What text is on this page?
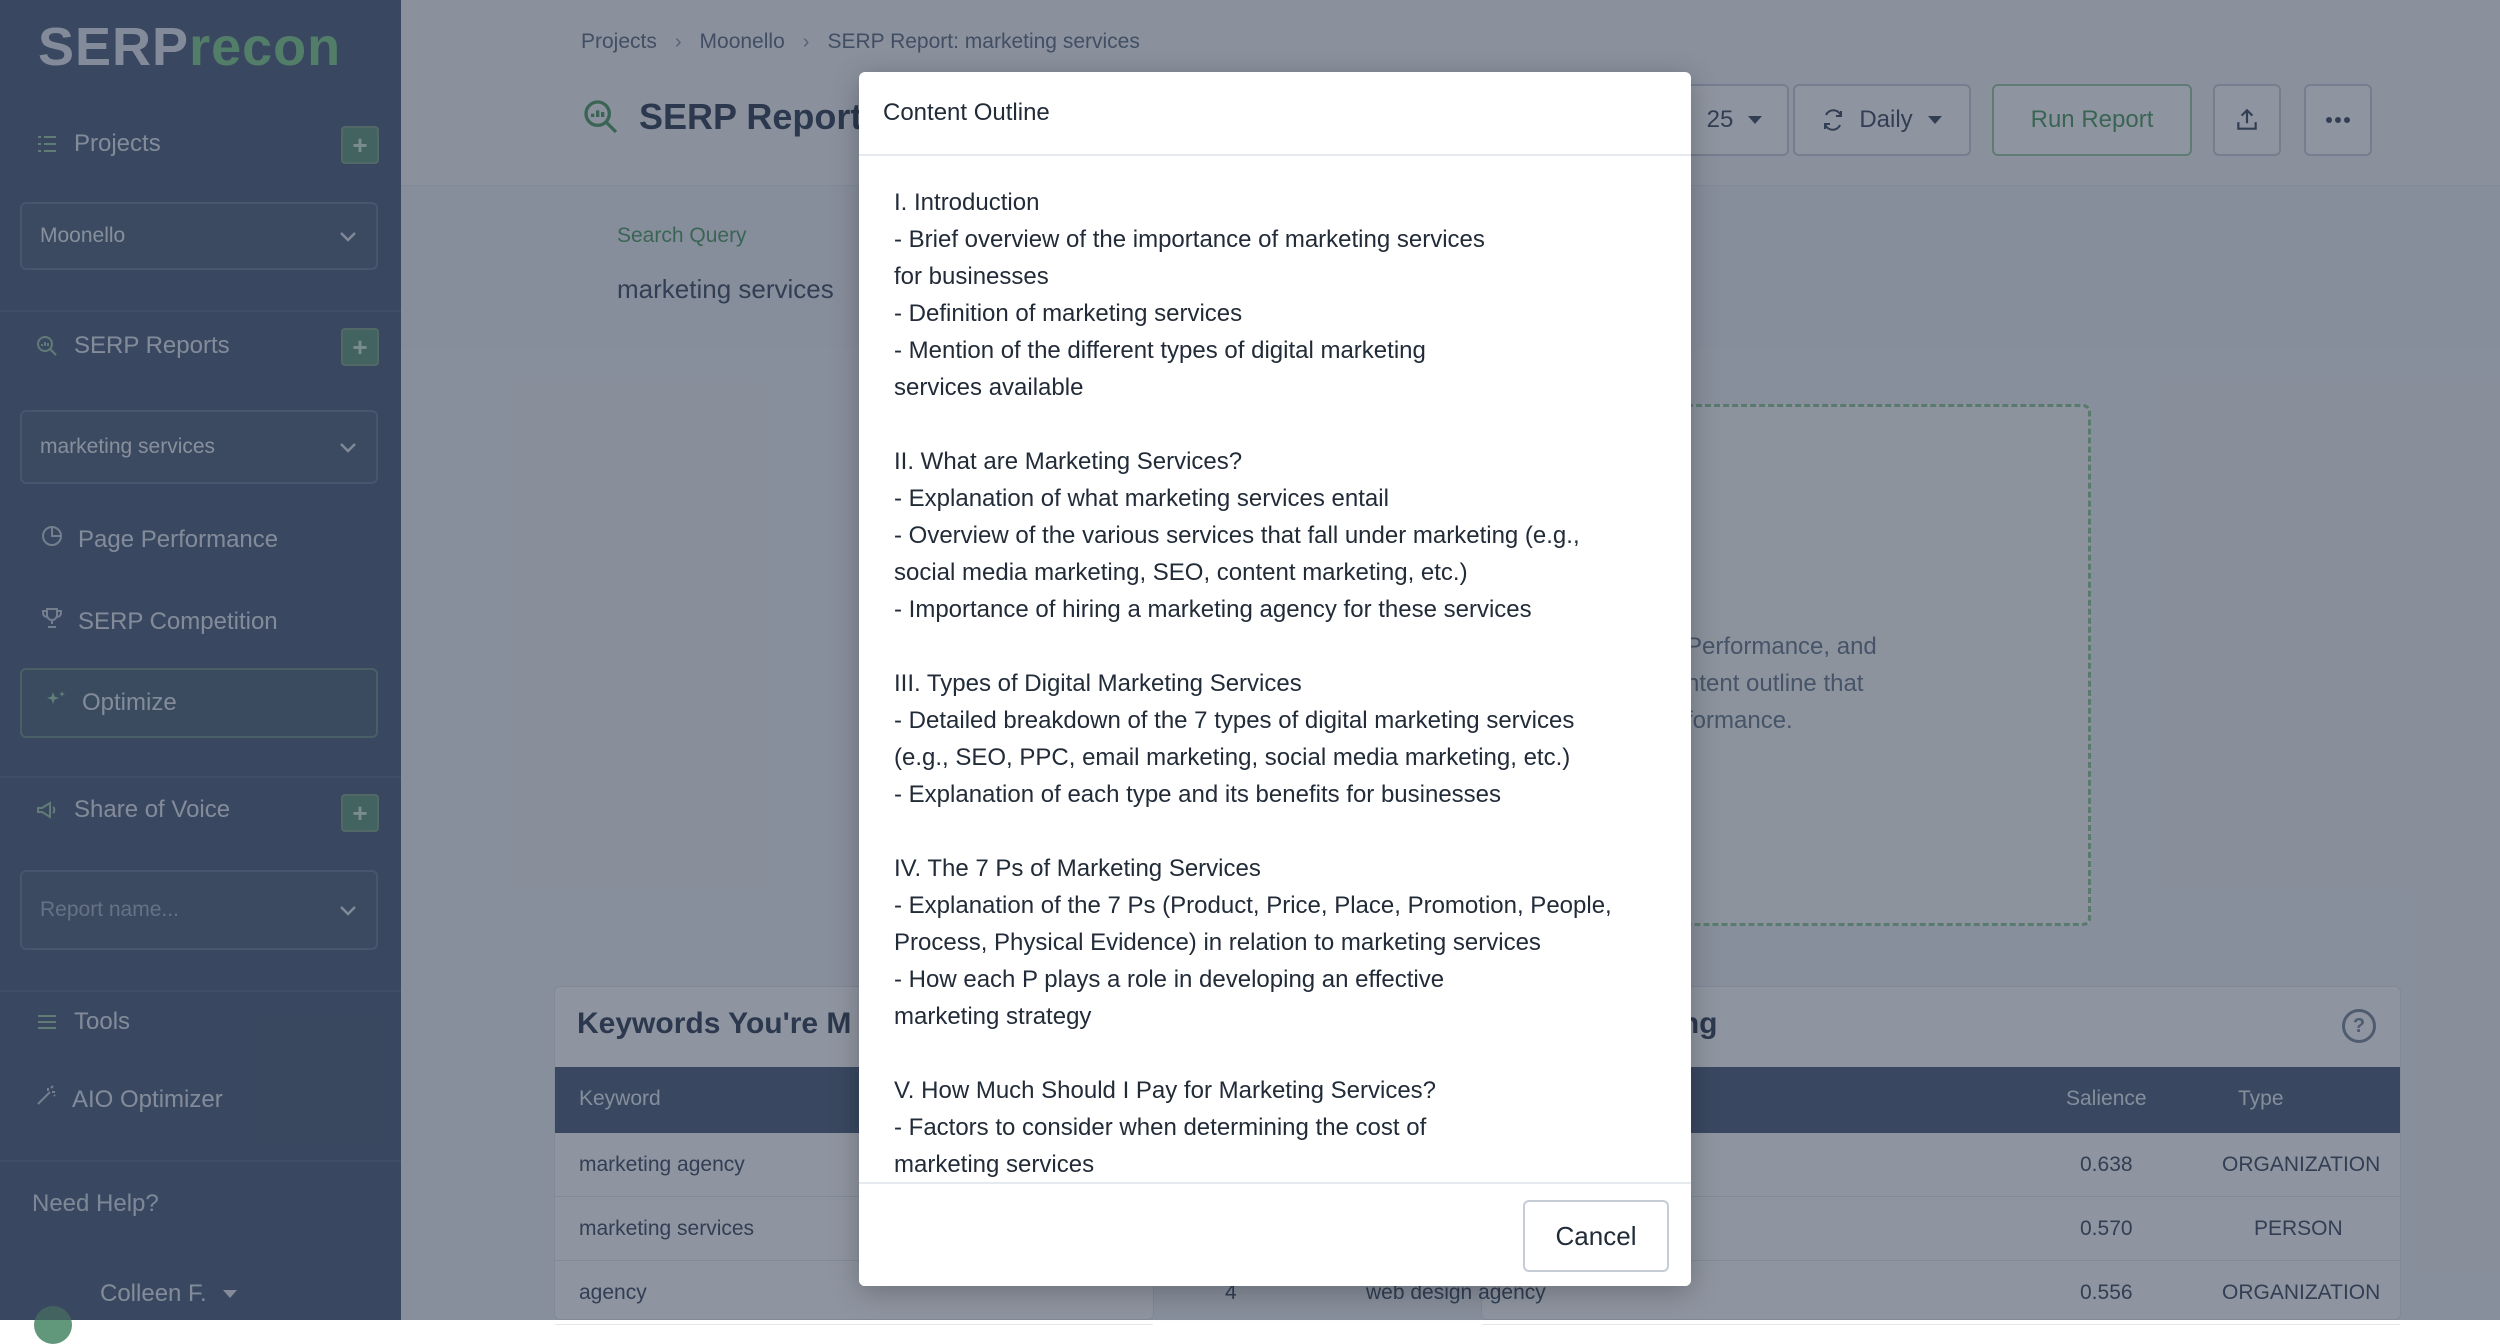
Content Outline
I. Introduction
- Brief overview of the importance of marketing services
for businesses
- Definition of marketing services
- Mention of the different types of digital marketing
services available
II. What are Marketing Services?
- Explanation of what marketing services entail
- Overview of the various services that fall under marketing (e.g.,
social media marketing, SEO, content marketing, etc.)
- Importance of hiring a marketing agency for these services
III. Types of Digital Marketing Services
- Detailed breakdown of the 7 types of digital marketing services
(e.g., SEO, PPC, email marketing, social media marketing, etc.)
- Explanation of each type and its benefits for businesses
IV. The 7 Ps of Marketing Services
- Explanation of the 7 Ps (Product, Price, Place, Promotion, People,
Process, Physical Evidence) in relation to marketing services
- How each P plays a role in developing an effective
marketing strategy
V. How Much Should I Pay for Marketing Services?
- Factors to consider when determining the cost of
marketing services
Cancel
